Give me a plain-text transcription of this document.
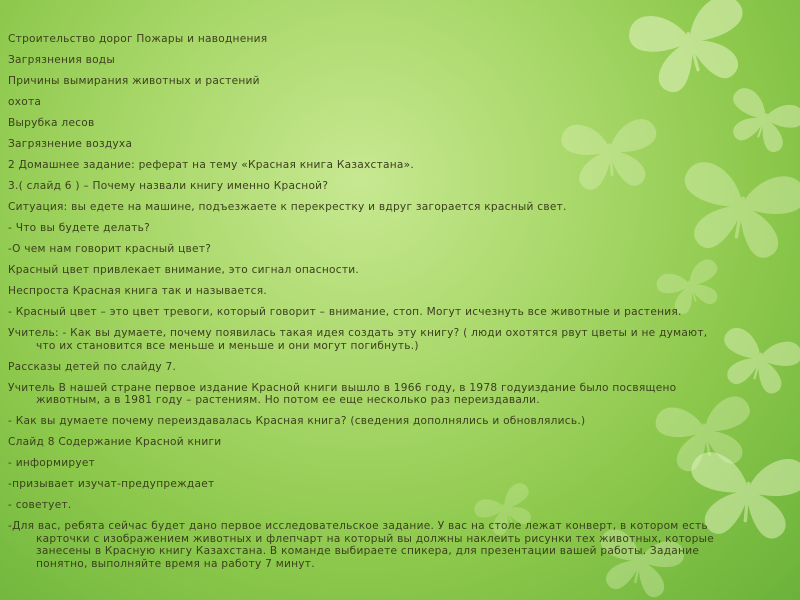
Строительство дорог Пожары и наводнения
Загрязнения воды
Причины вымирания животных и растений
охота
Вырубка лесов
Загрязнение воздуха
2 Домашнее задание: реферат на тему «Красная книга Казахстана».
3.( слайд 6 ) – Почему назвали книгу именно Красной?
Ситуация: вы едете на машине, подъезжаете к перекрестку и вдруг загорается красный свет.
- Что вы будете делать?
-О чем нам говорит красный цвет?
Красный цвет привлекает внимание, это сигнал опасности.
Неспроста Красная книга так и называется.
- Красный цвет – это цвет тревоги, который говорит – внимание, стоп. Могут исчезнуть все животные и растения.
Учитель: - Как вы думаете, почему появилась такая идея создать эту книгу? ( люди охотятся рвут цветы и не думают,
что их становится все меньше и меньше и они могут погибнуть.)
Рассказы детей по слайду 7.
Учитель В нашей стране первое издание Красной книги вышло в 1966 году, в 1978 годуиздание было посвящено
животным, а в 1981 году – растениям. Но потом ее еще несколько раз переиздавали.
- Как вы думаете почему переиздавалась Красная книга? (сведения дополнялись и обновлялись.)
Слайд 8 Содержание Красной книги
- информирует
-призывает изучат-предупреждает
- советует.
-Для вас, ребята сейчас будет дано первое исследовательское задание. У вас на столе лежат конверт, в котором есть
карточки с изображением животных и флепчарт на который вы должны наклеить рисунки тех животных, которые
занесены в Красную книгу Казахстана. В команде выбираете спикера, для презентации вашей работы. Задание
понятно, выполняйте время на работу 7 минут.
